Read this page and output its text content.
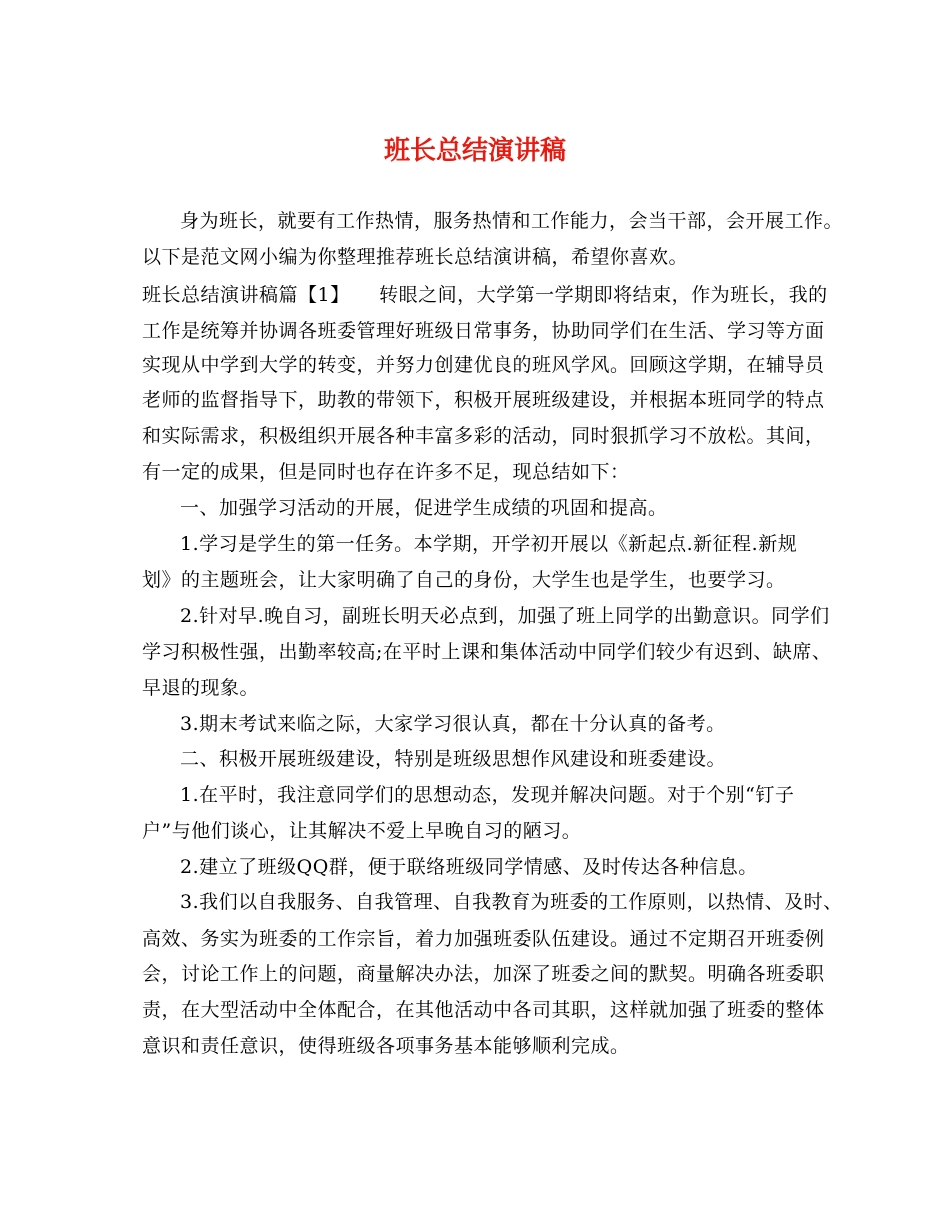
班长总结演讲稿
身为班长，就要有工作热情，服务热情和工作能力，会当干部，会开展工作。
以下是范文网小编为你整理推荐班长总结演讲稿，希望你喜欢。
班长总结演讲稿篇【1】　　转眼之间，大学第一学期即将结束，作为班长，我的
工作是统筹并协调各班委管理好班级日常事务，协助同学们在生活、学习等方面
实现从中学到大学的转变，并努力创建优良的班风学风。回顾这学期，在辅导员
老师的监督指导下，助教的带领下，积极开展班级建设，并根据本班同学的特点
和实际需求，积极组织开展各种丰富多彩的活动，同时狠抓学习不放松。其间，
有一定的成果，但是同时也存在许多不足，现总结如下：
一、加强学习活动的开展，促进学生成绩的巩固和提高。
1.学习是学生的第一任务。本学期，开学初开展以《新起点.新征程.新规
划》的主题班会，让大家明确了自己的身份，大学生也是学生，也要学习。
2.针对早.晚自习，副班长明天必点到，加强了班上同学的出勤意识。同学们
学习积极性强，出勤率较高;在平时上课和集体活动中同学们较少有迟到、缺席、
早退的现象。
3.期末考试来临之际，大家学习很认真，都在十分认真的备考。
二、积极开展班级建设，特别是班级思想作风建设和班委建设。
1.在平时，我注意同学们的思想动态，发现并解决问题。对于个别“钉子
户”与他们谈心，让其解决不爱上早晚自习的陋习。
2.建立了班级QQ群，便于联络班级同学情感、及时传达各种信息。
3.我们以自我服务、自我管理、自我教育为班委的工作原则，以热情、及时、
高效、务实为班委的工作宗旨，着力加强班委队伍建设。通过不定期召开班委例
会，讨论工作上的问题，商量解决办法，加深了班委之间的默契。明确各班委职
责，在大型活动中全体配合，在其他活动中各司其职，这样就加强了班委的整体
意识和责任意识，使得班级各项事务基本能够顺利完成。
